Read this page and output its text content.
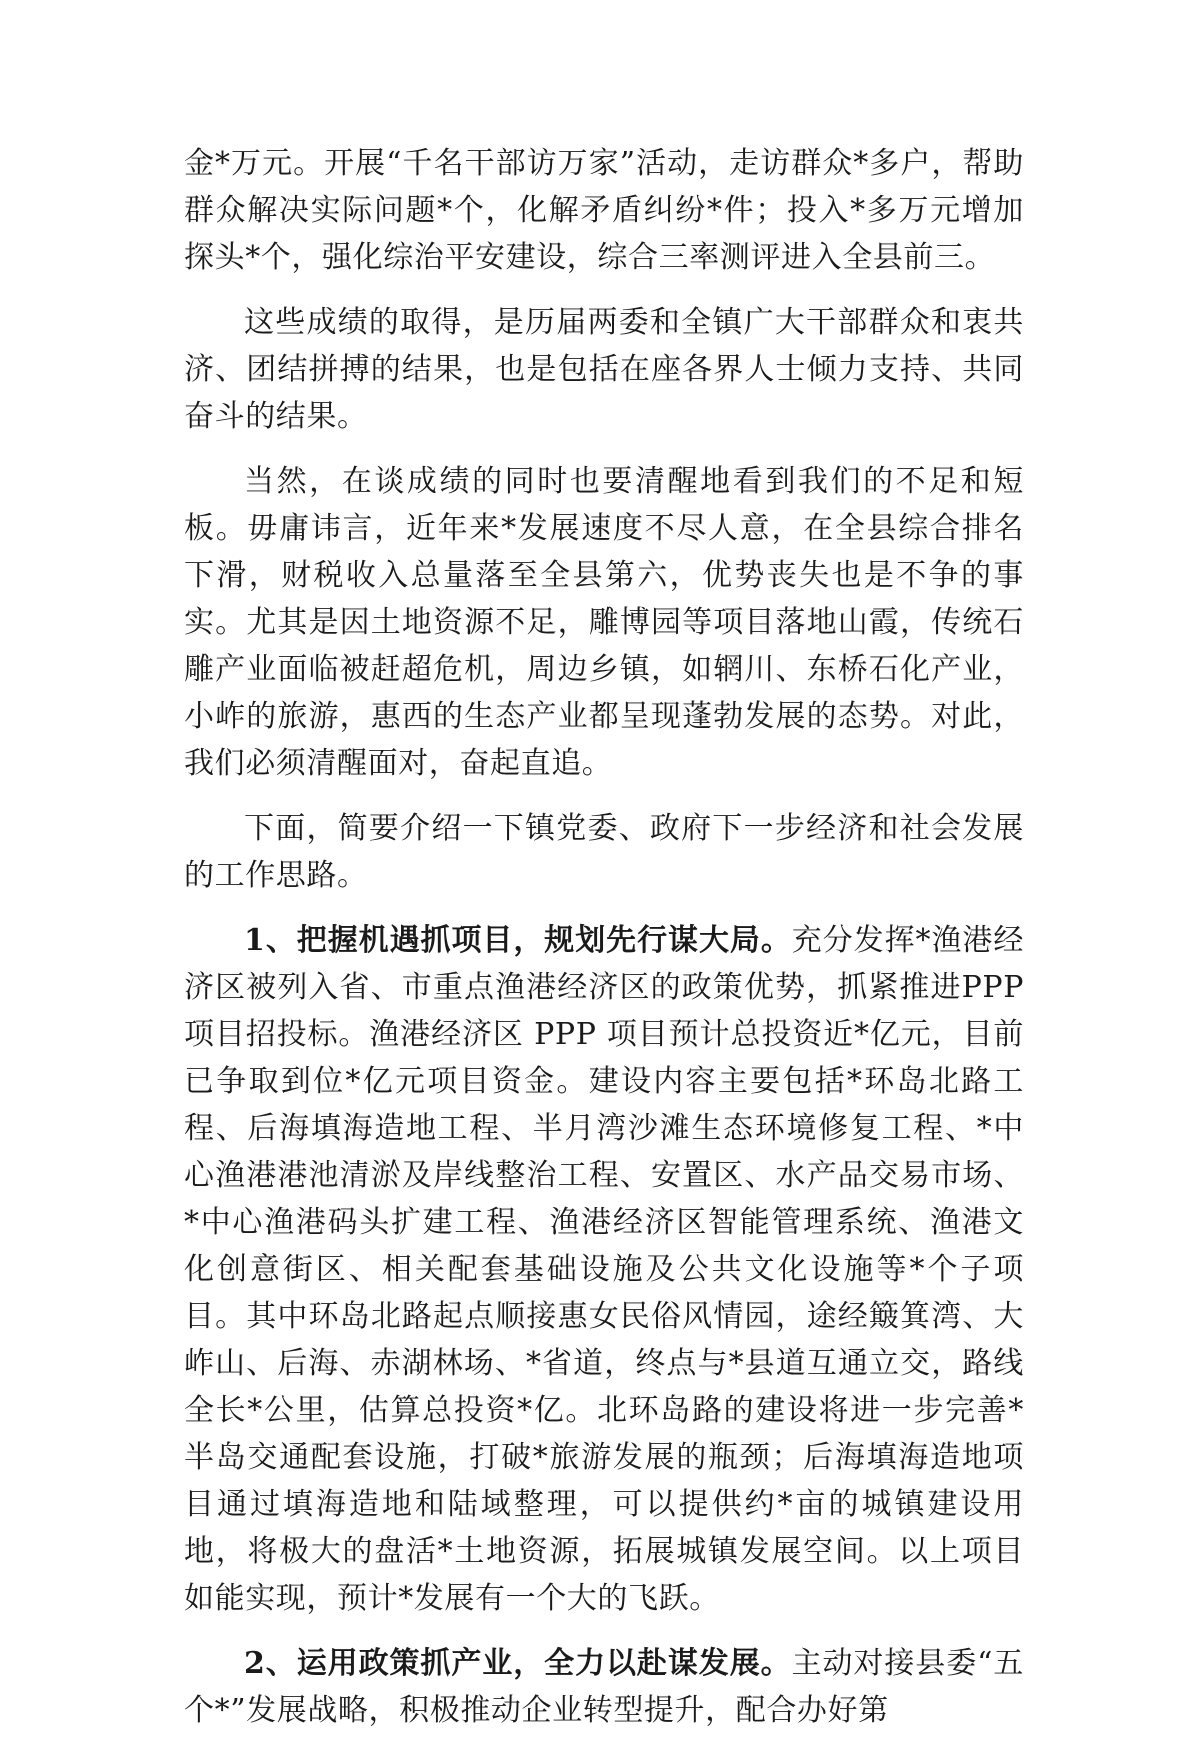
金*万元。开展“千名干部访万家”活动，走访群众*多户，帮助群众解决实际问题*个，化解矛盾纠纷*件；投入*多万元增加探头*个，强化综治平安建设，综合三率测评进入全县前三。

这些成绩的取得，是历届两委和全镇广大干部群众和衷共济、团结拼搏的结果，也是包括在座各界人士倾力支持、共同奋斗的结果。

当然，在谈成绩的同时也要清醒地看到我们的不足和短板。毋庸讳言，近年来*发展速度不尽人意，在全县综合排名下滑，财税收入总量落至全县第六，优势丧失也是不争的事实。尤其是因土地资源不足，雕博园等项目落地山霞，传统石雕产业面临被赶超危机，周边乡镇，如辋川、东桥石化产业，小岞的旅游，惠西的生态产业都呈现蓬勃发展的态势。对此，我们必须清醒面对，奋起直追。

下面，简要介绍一下镇党委、政府下一步经济和社会发展的工作思路。

1、把握机遇抓项目，规划先行谋大局。充分发挥*渔港经济区被列入省、市重点渔港经济区的政策优势，抓紧推进PPP 项目招投标。渔港经济区 PPP 项目预计总投资近*亿元，目前已争取到位*亿元项目资金。建设内容主要包括*环岛北路工程、后海填海造地工程、半月湾沙滩生态环境修复工程、*中心渔港港池清淤及岸线整治工程、安置区、水产品交易市场、*中心渔港码头扩建工程、渔港经济区智能管理系统、渔港文化创意街区、相关配套基础设施及公共文化设施等*个子项目。其中环岛北路起点顺接惠女民俗风情园，途经簸箕湾、大岞山、后海、赤湖林场、*省道，终点与*县道互通立交，路线全长*公里，估算总投资*亿。北环岛路的建设将进一步完善*半岛交通配套设施，打破*旅游发展的瓶颈；后海填海造地项目通过填海造地和陆域整理，可以提供约*亩的城镇建设用地，将极大的盘活*土地资源，拓展城镇发展空间。以上项目如能实现，预计*发展有一个大的飞跃。

2、运用政策抓产业，全力以赴谋发展。主动对接县委“五个*”发展战略，积极推动企业转型提升，配合办好第
